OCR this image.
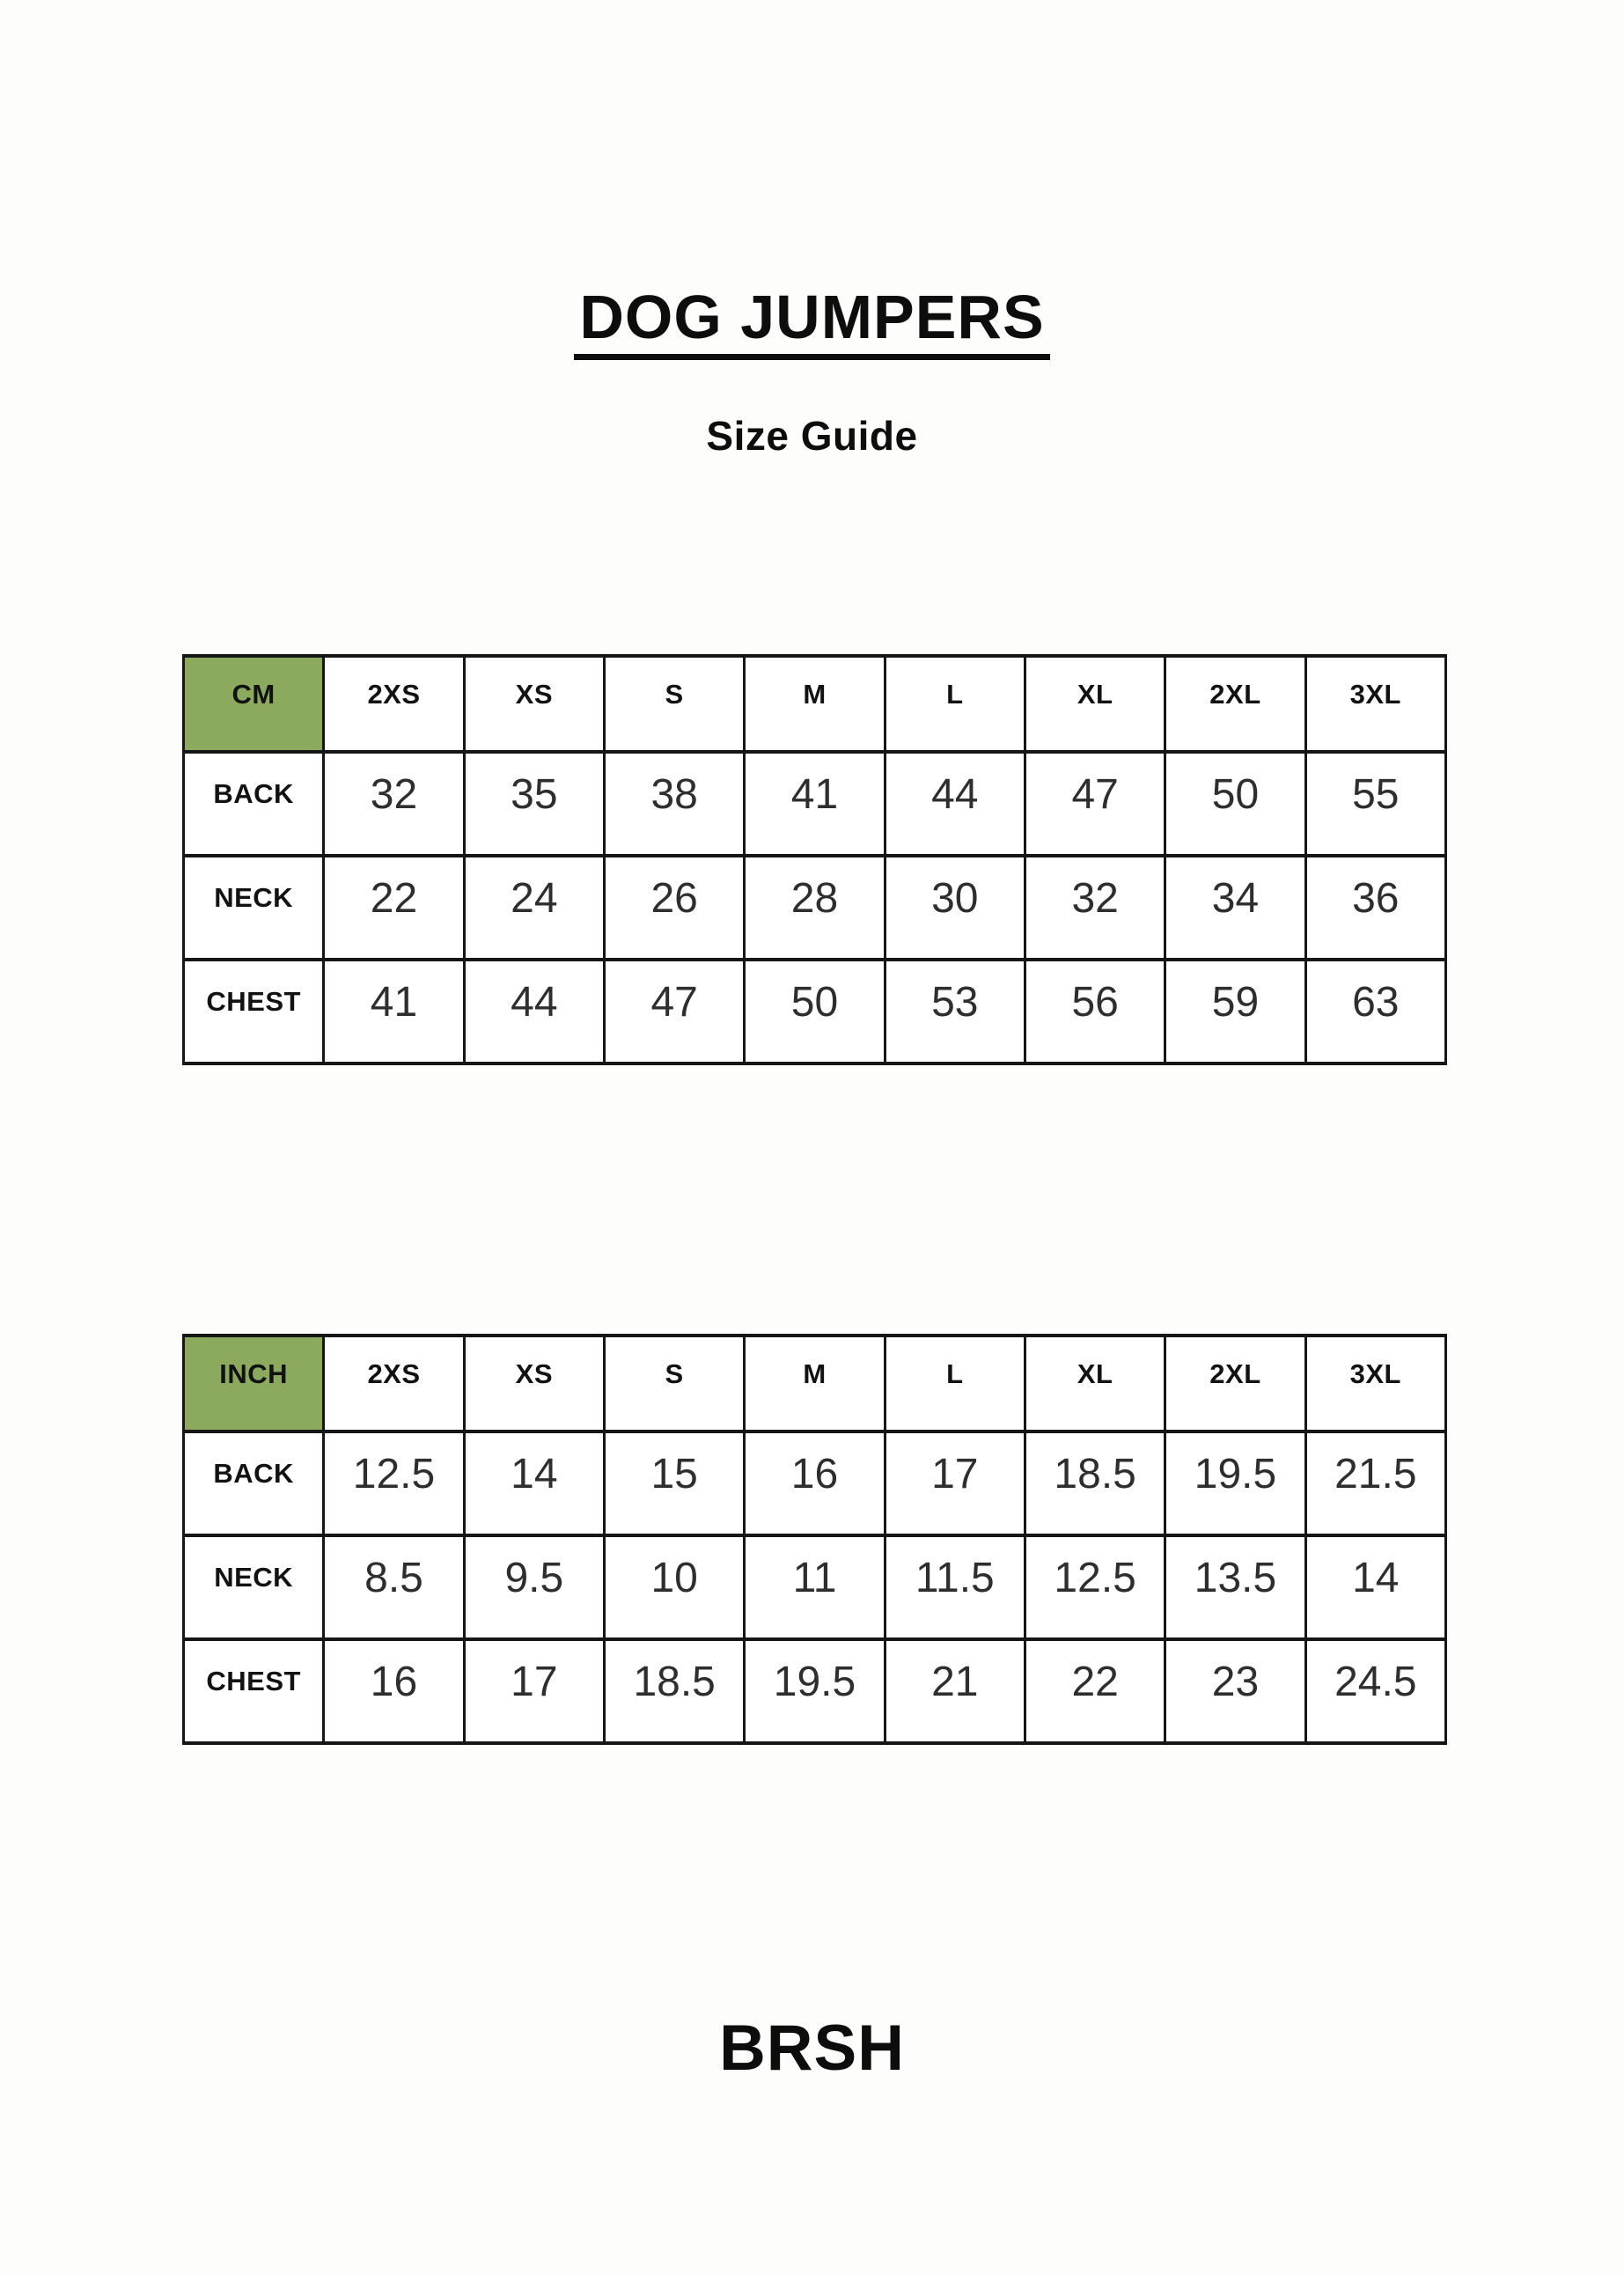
DOG JUMPERS
Size Guide
CM	2XS	XS	S	M	L	XL	2XL	3XL
BACK	32	35	38	41	44	47	50	55
NECK	22	24	26	28	30	32	34	36
CHEST	41	44	47	50	53	56	59	63
INCH	2XS	XS	S	M	L	XL	2XL	3XL
BACK	12.5	14	15	16	17	18.5	19.5	21.5
NECK	8.5	9.5	10	11	11.5	12.5	13.5	14
CHEST	16	17	18.5	19.5	21	22	23	24.5
BRSH
